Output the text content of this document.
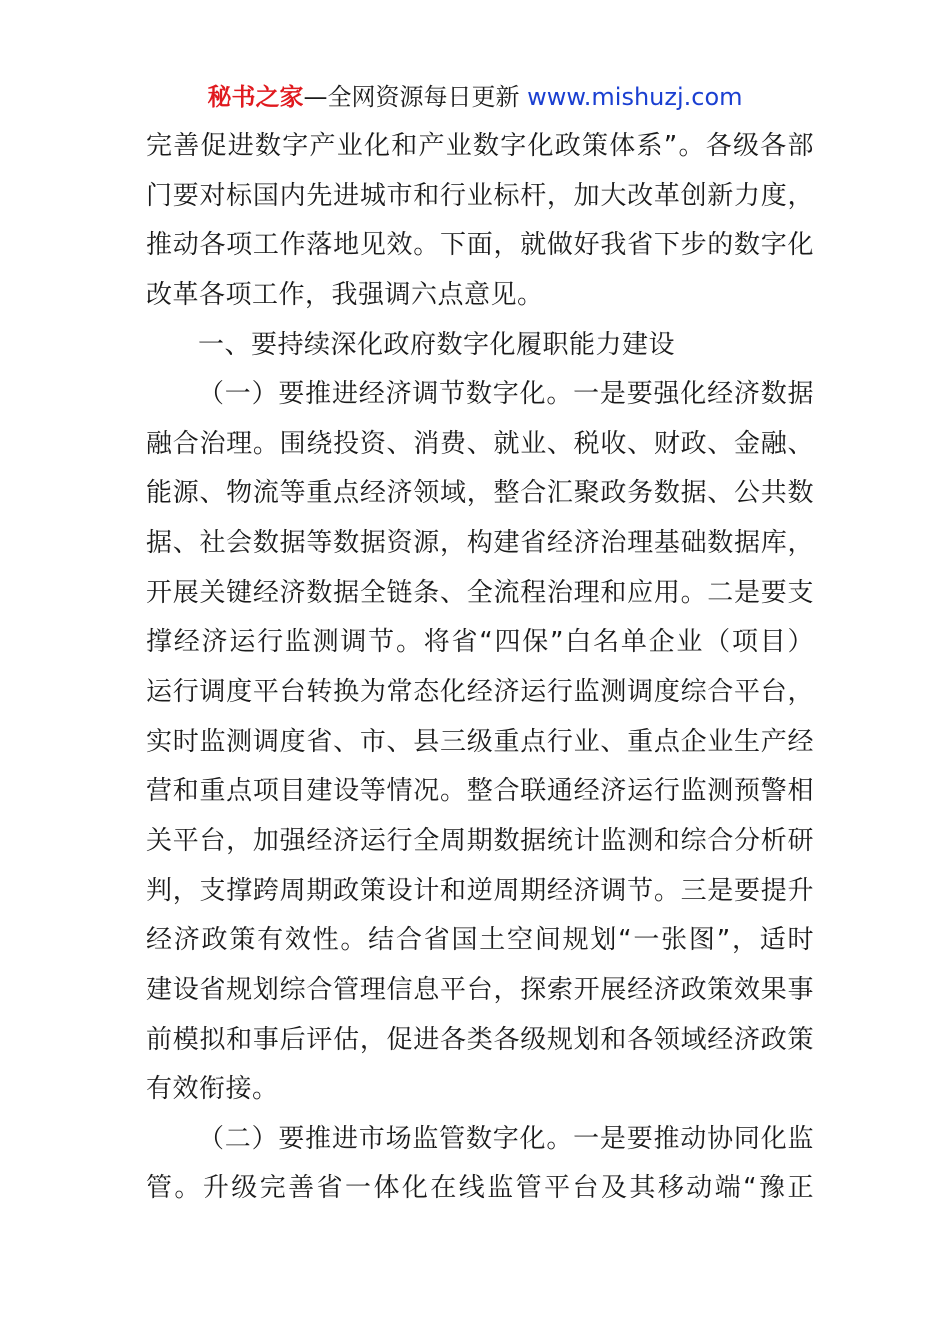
秘书之家—全网资源每日更新 www.mishuzj.com
完善促进数字产业化和产业数字化政策体系”。各级各部
门要对标国内先进城市和行业标杆，加大改革创新力度，
推动各项工作落地见效。下面，就做好我省下步的数字化
改革各项工作，我强调六点意见。
一、要持续深化政府数字化履职能力建设
（一）要推进经济调节数字化。一是要强化经济数据
融合治理。围绕投资、消费、就业、税收、财政、金融、
能源、物流等重点经济领域，整合汇聚政务数据、公共数
据、社会数据等数据资源，构建省经济治理基础数据库，
开展关键经济数据全链条、全流程治理和应用。二是要支
撑经济运行监测调节。将省“四保”白名单企业（项目）
运行调度平台转换为常态化经济运行监测调度综合平台，
实时监测调度省、市、县三级重点行业、重点企业生产经
营和重点项目建设等情况。整合联通经济运行监测预警相
关平台，加强经济运行全周期数据统计监测和综合分析研
判，支撑跨周期政策设计和逆周期经济调节。三是要提升
经济政策有效性。结合省国土空间规划“一张图”，适时
建设省规划综合管理信息平台，探索开展经济政策效果事
前模拟和事后评估，促进各类各级规划和各领域经济政策
有效衔接。
（二）要推进市场监管数字化。一是要推动协同化监
管。升级完善省一体化在线监管平台及其移动端“豫正
